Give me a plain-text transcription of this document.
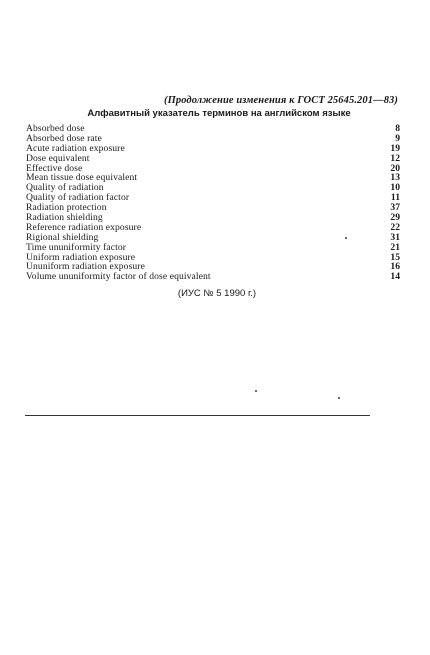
(Продолжение изменения к ГОСТ 25645.201—83)
Алфавитный указатель терминов на английском языке
Absorbed dose	8
Absorbed dose rate	9
Acute radiation exposure	19
Dose equivalent	12
Effective dose	20
Mean tissue dose equivalent	13
Quality of radiation	10
Quality of radiation factor	11
Radiation protection	37
Radiation shielding	29
Reference radiation exposure	22
Rigional shielding	31
Time ununiformity factor	21
Uniform radiation exposure	15
Ununiform radiation exposure	16
Volume ununiformity factor of dose equivalent	14
(ИУС № 5 1990 г.)
